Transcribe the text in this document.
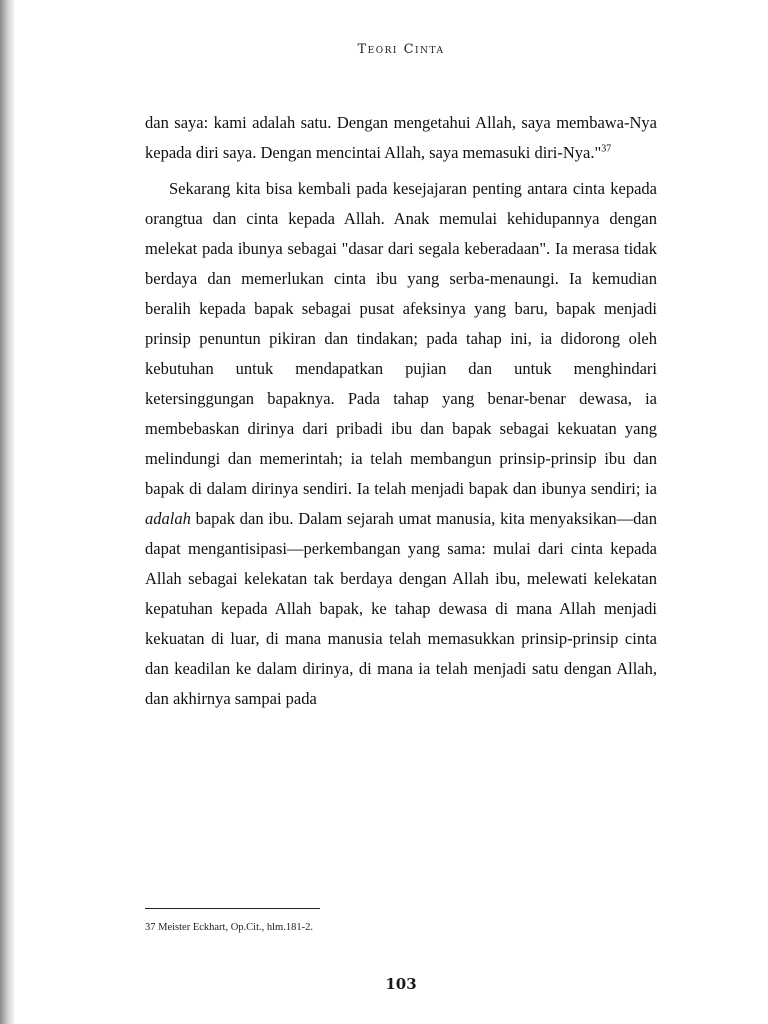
Teori Cinta

dan saya: kami adalah satu. Dengan mengetahui Allah, saya membawa-Nya kepada diri saya. Dengan mencintai Allah, saya memasuki diri-Nya."$^{37}$

Sekarang kita bisa kembali pada kesejajaran penting antara cinta kepada orangtua dan cinta kepada Allah. Anak memulai kehidupannya dengan melekat pada ibunya sebagai "dasar dari segala keberadaan". Ia merasa tidak berdaya dan memerlukan cinta ibu yang serba-menaungi. Ia kemudian beralih kepada bapak sebagai pusat afeksinya yang baru, bapak menjadi prinsip penuntun pikiran dan tindakan; pada tahap ini, ia didorong oleh kebutuhan untuk mendapatkan pujian dan untuk menghindari ketersinggungan bapaknya. Pada tahap yang benar-benar dewasa, ia membebaskan dirinya dari pribadi ibu dan bapak sebagai kekuatan yang melindungi dan memerintah; ia telah membangun prinsip-prinsip ibu dan bapak di dalam dirinya sendiri. Ia telah menjadi bapak dan ibunya sendiri; ia adalah bapak dan ibu. Dalam sejarah umat manusia, kita menyaksikan—dan dapat mengantisipasi—perkembangan yang sama: mulai dari cinta kepada Allah sebagai kelekatan tak berdaya dengan Allah ibu, melewati kelekatan kepatuhan kepada Allah bapak, ke tahap dewasa di mana Allah menjadi kekuatan di luar, di mana manusia telah memasukkan prinsip-prinsip cinta dan keadilan ke dalam dirinya, di mana ia telah menjadi satu dengan Allah, dan akhirnya sampai pada

37 Meister Eckhart, Op.Cit., hlm.181-2.
103
